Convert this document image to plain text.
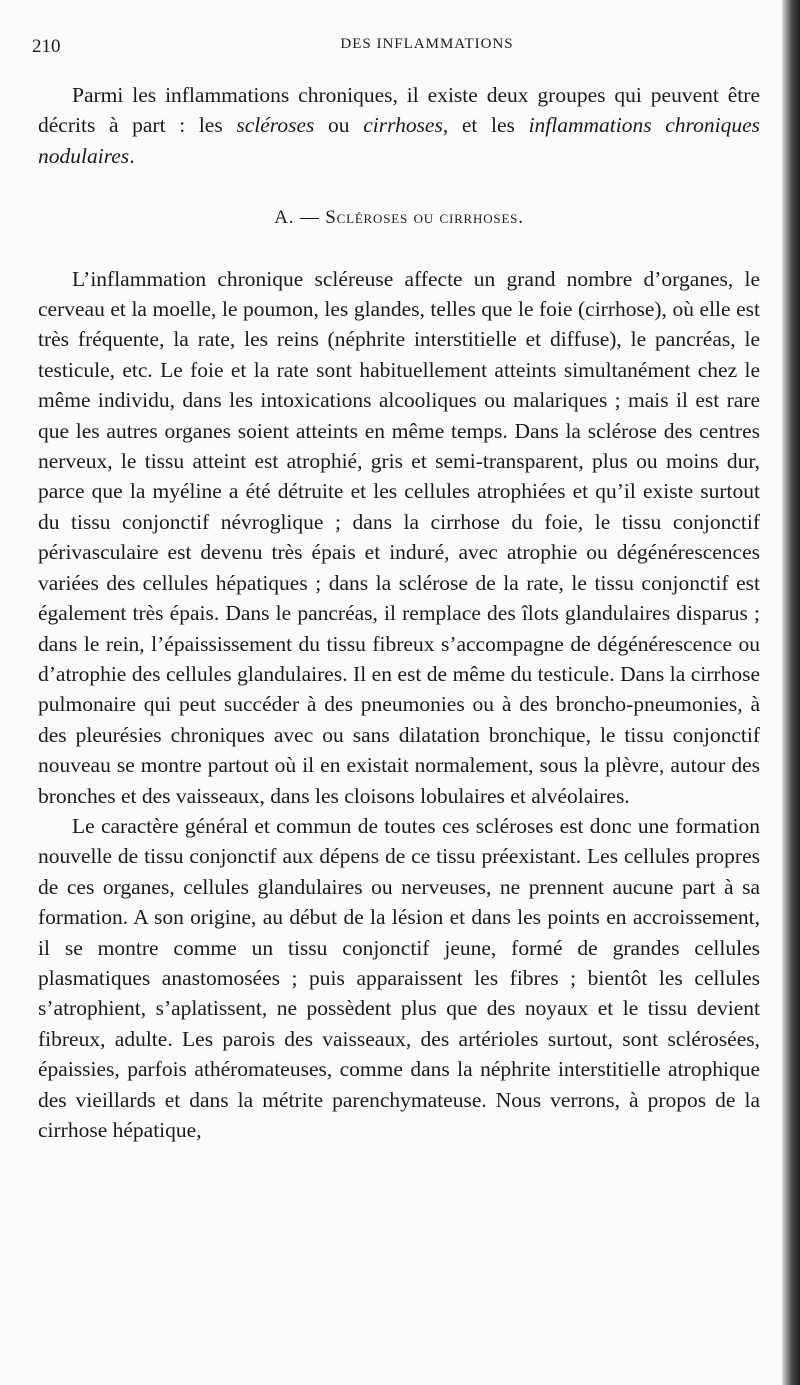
210	DES INFLAMMATIONS

Parmi les inflammations chroniques, il existe deux groupes qui peuvent être décrits à part : les scléroses ou cirrhoses, et les inflammations chroniques nodulaires.

A. — Scléroses ou cirrhoses.

L’inflammation chronique scléreuse affecte un grand nombre d’organes, le cerveau et la moelle, le poumon, les glandes, telles que le foie (cirrhose), où elle est très fréquente, la rate, les reins (néphrite interstitielle et diffuse), le pancréas, le testicule, etc. Le foie et la rate sont habituellement atteints simultanément chez le même individu, dans les intoxications alcooliques ou malariques ; mais il est rare que les autres organes soient atteints en même temps. Dans la sclérose des centres nerveux, le tissu atteint est atrophié, gris et semi-transparent, plus ou moins dur, parce que la myéline a été détruite et les cellules atrophiées et qu’il existe surtout du tissu conjonctif névroglique ; dans la cirrhose du foie, le tissu conjonctif périvasculaire est devenu très épais et induré, avec atrophie ou dégénérescences variées des cellules hépatiques ; dans la sclérose de la rate, le tissu conjonctif est également très épais. Dans le pancréas, il remplace des îlots glandulaires disparus ; dans le rein, l’épaississement du tissu fibreux s’accompagne de dégénérescence ou d’atrophie des cellules glandulaires. Il en est de même du testicule. Dans la cirrhose pulmonaire qui peut succéder à des pneumonies ou à des broncho-pneumonies, à des pleurésies chroniques avec ou sans dilatation bronchique, le tissu conjonctif nouveau se montre partout où il en existait normalement, sous la plèvre, autour des bronches et des vaisseaux, dans les cloisons lobulaires et alvéolaires.

Le caractère général et commun de toutes ces scléroses est donc une formation nouvelle de tissu conjonctif aux dépens de ce tissu préexistant. Les cellules propres de ces organes, cellules glandulaires ou nerveuses, ne prennent aucune part à sa formation. A son origine, au début de la lésion et dans les points en accroissement, il se montre comme un tissu conjonctif jeune, formé de grandes cellules plasmatiques anastomosées ; puis apparaissent les fibres ; bientôt les cellules s’atrophient, s’aplatissent, ne possèdent plus que des noyaux et le tissu devient fibreux, adulte. Les parois des vaisseaux, des artérioles surtout, sont sclérosées, épaissies, parfois athéromateuses, comme dans la néphrite interstitielle atrophique des vieillards et dans la métrite parenchymateuse. Nous verrons, à propos de la cirrhose hépatique,
